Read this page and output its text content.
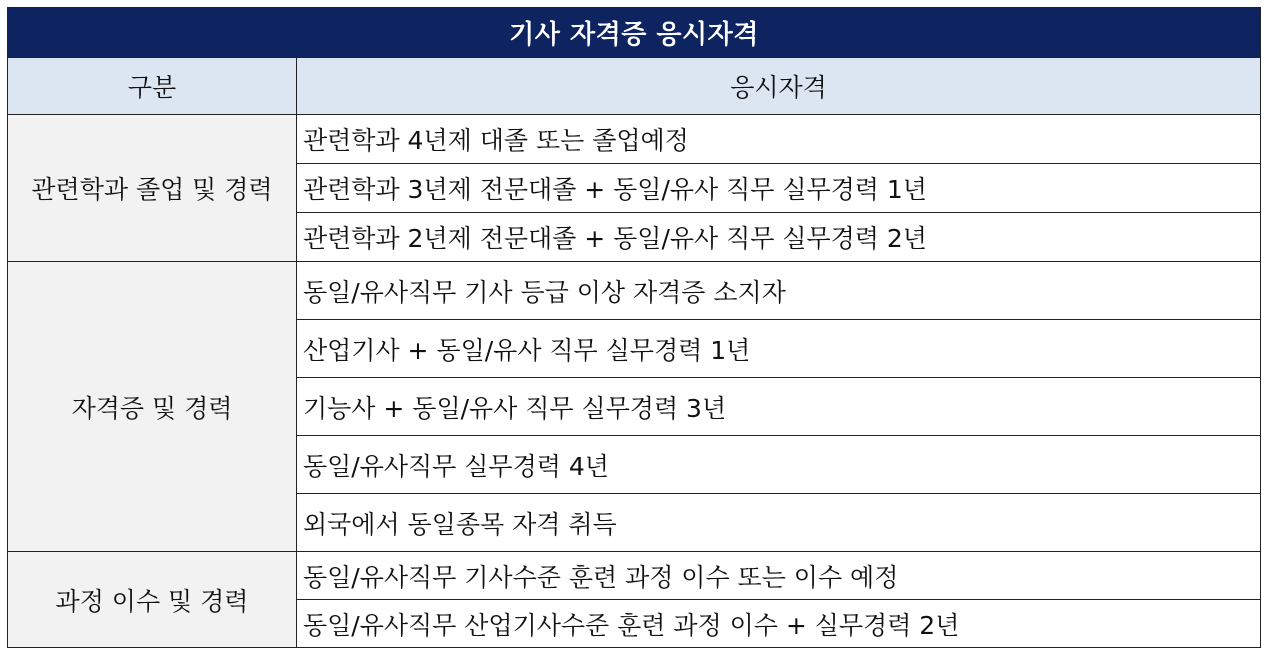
기사 자격증 응시자격	
구분	응시자격
관련학과 졸업 및 경력	관련학과 4년제 대졸 또는 졸업예정
	관련학과 3년제 전문대졸 + 동일/유사 직무 실무경력 1년
	관련학과 2년제 전문대졸 + 동일/유사 직무 실무경력 2년
자격증 및 경력	동일/유사직무 기사 등급 이상 자격증 소지자
	산업기사 + 동일/유사 직무 실무경력 1년
	기능사 + 동일/유사 직무 실무경력 3년
	동일/유사직무 실무경력 4년
	외국에서 동일종목 자격 취득
과정 이수 및 경력	동일/유사직무 기사수준 훈련 과정 이수 또는 이수 예정
	동일/유사직무 산업기사수준 훈련 과정 이수 + 실무경력 2년
